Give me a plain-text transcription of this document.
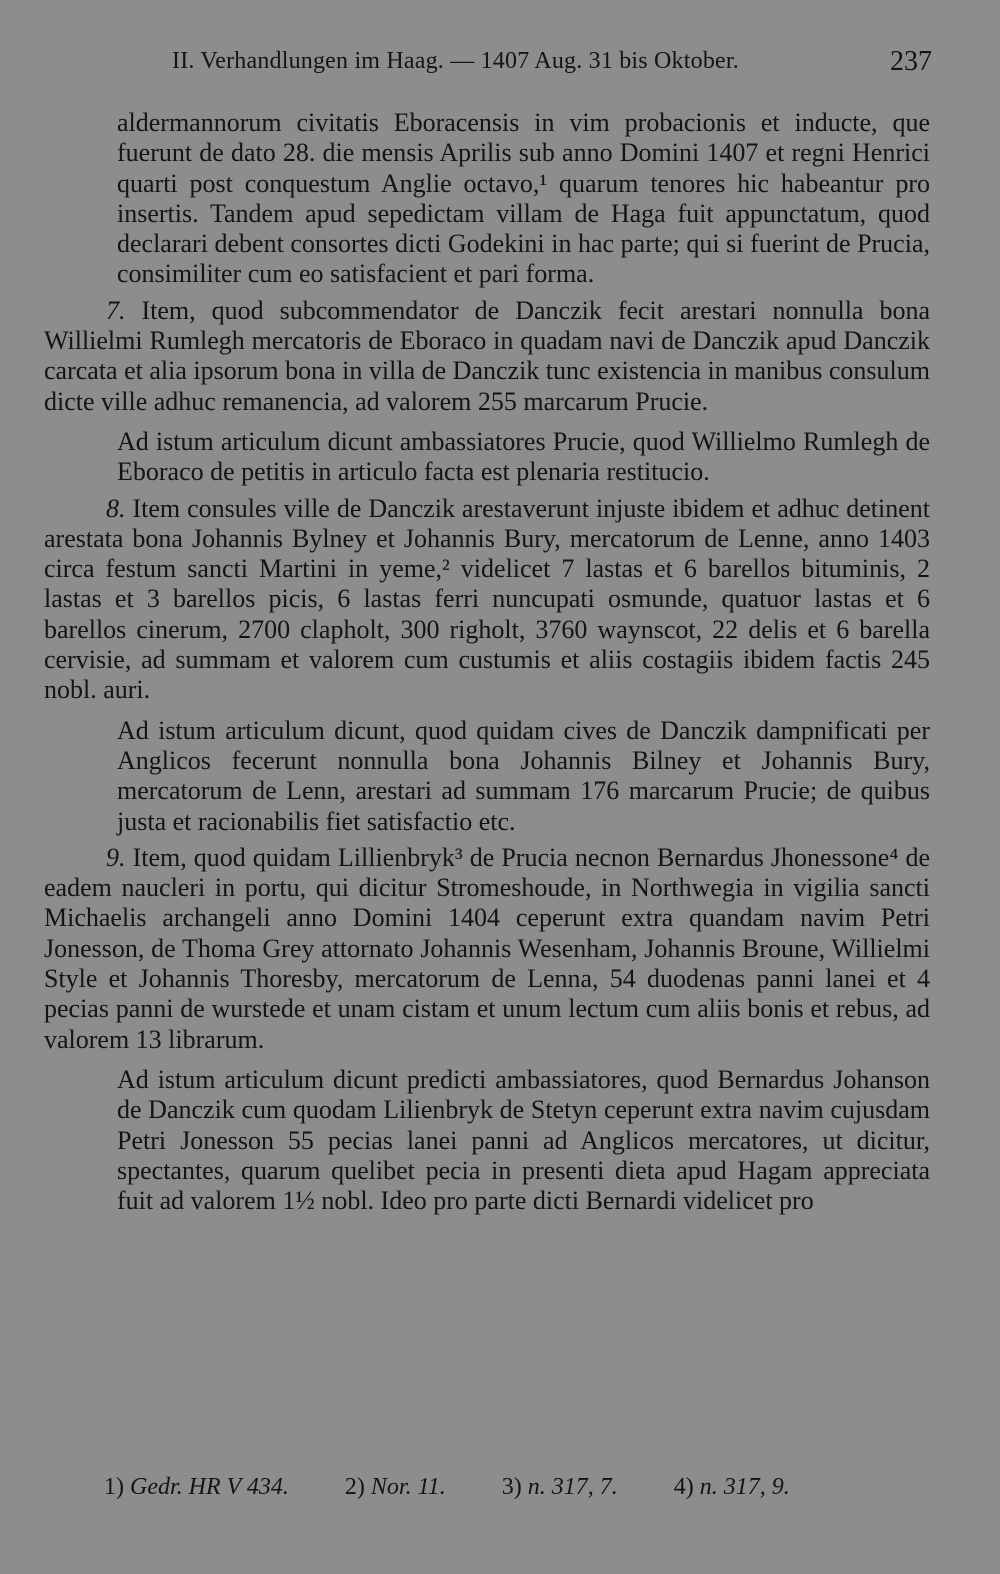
II. Verhandlungen im Haag. — 1407 Aug. 31 bis Oktober.	237

aldermannorum civitatis Eboracensis in vim probacionis et inducte, que fuerunt de dato 28. die mensis Aprilis sub anno Domini 1407 et regni Henrici quarti post conquestum Anglie octavo,¹ quarum tenores hic habeantur pro insertis. Tandem apud sepedictam villam de Haga fuit appunctatum, quod declarari debent consortes dicti Godekini in hac parte; qui si fuerint de Prucia, consimiliter cum eo satisfacient et pari forma.

7. Item, quod subcommendator de Danczik fecit arestari nonnulla bona Willielmi Rumlegh mercatoris de Eboraco in quadam navi de Danczik apud Danczik carcata et alia ipsorum bona in villa de Danczik tunc existencia in manibus consulum dicte ville adhuc remanencia, ad valorem 255 marcarum Prucie.

Ad istum articulum dicunt ambassiatores Prucie, quod Willielmo Rumlegh de Eboraco de petitis in articulo facta est plenaria restitucio.

8. Item consules ville de Danczik arestaverunt injuste ibidem et adhuc detinent arestata bona Johannis Bylney et Johannis Bury, mercatorum de Lenne, anno 1403 circa festum sancti Martini in yeme,² videlicet 7 lastas et 6 barellos bituminis, 2 lastas et 3 barellos picis, 6 lastas ferri nuncupati osmunde, quatuor lastas et 6 barellos cinerum, 2700 clapholt, 300 righolt, 3760 waynscot, 22 delis et 6 barella cervisie, ad summam et valorem cum custumis et aliis costagiis ibidem factis 245 nobl. auri.

Ad istum articulum dicunt, quod quidam cives de Danczik dampnificati per Anglicos fecerunt nonnulla bona Johannis Bilney et Johannis Bury, mercatorum de Lenn, arestari ad summam 176 marcarum Prucie; de quibus justa et racionabilis fiet satisfactio etc.

9. Item, quod quidam Lillienbryk³ de Prucia necnon Bernardus Jhonessone⁴ de eadem naucleri in portu, qui dicitur Stromeshoude, in Northwegia in vigilia sancti Michaelis archangeli anno Domini 1404 ceperunt extra quandam navim Petri Jonesson, de Thoma Grey attornato Johannis Wesenham, Johannis Broune, Willielmi Style et Johannis Thoresby, mercatorum de Lenna, 54 duodenas panni lanei et 4 pecias panni de wurstede et unam cistam et unum lectum cum aliis bonis et rebus, ad valorem 13 librarum.

Ad istum articulum dicunt predicti ambassiatores, quod Bernardus Johanson de Danczik cum quodam Lilienbryk de Stetyn ceperunt extra navim cujusdam Petri Jonesson 55 pecias lanei panni ad Anglicos mercatores, ut dicitur, spectantes, quarum quelibet pecia in presenti dieta apud Hagam appreciata fuit ad valorem 1½ nobl. Ideo pro parte dicti Bernardi videlicet pro

1) Gedr. HR V 434. 2) Nor. 11. 3) n. 317, 7. 4) n. 317, 9.
